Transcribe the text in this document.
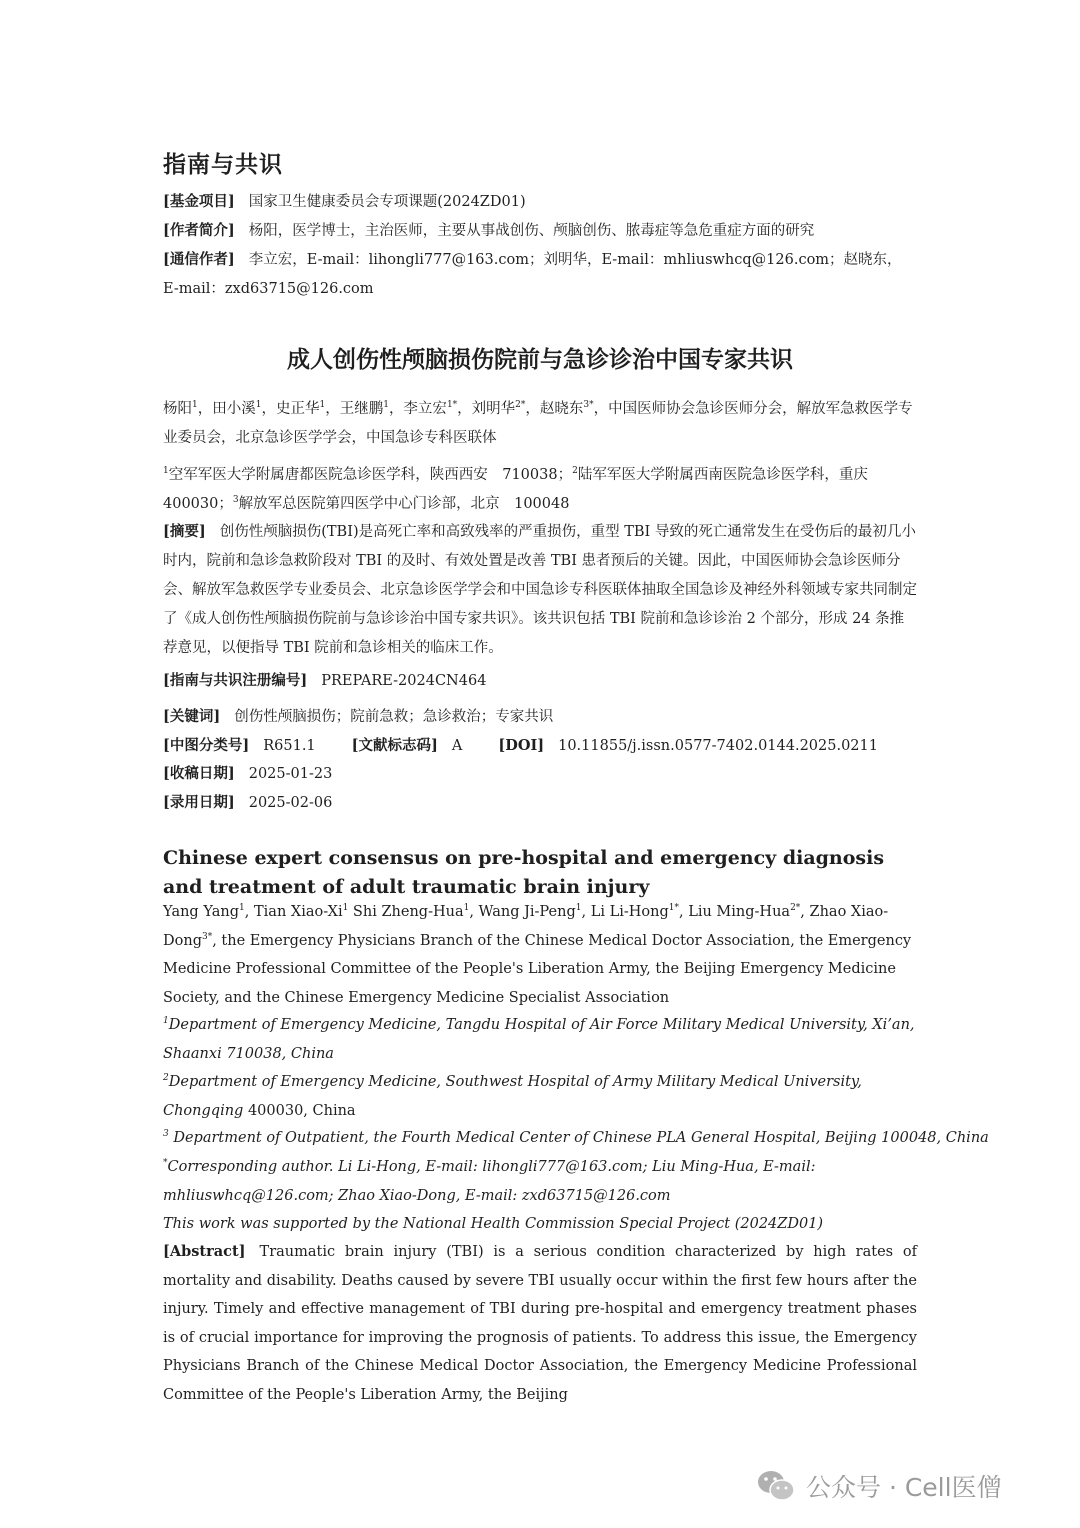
指南与共识
[基金项目] 国家卫生健康委员会专项课题(2024ZD01)
[作者简介] 杨阳，医学博士，主治医师，主要从事战创伤、颅脑创伤、脓毒症等急危重症方面的研究
[通信作者] 李立宏，E-mail：lihongli777@163.com；刘明华，E-mail：mhliuswhcq@126.com；赵晓东，
E-mail：zxd63715@126.com
成人创伤性颅脑损伤院前与急诊诊治中国专家共识
杨阳$^1$，田小溪$^1$，史正华$^1$，王继鹏$^1$，李立宏$^{1*}$，刘明华$^{2*}$，赵晓东$^{3*}$，中国医师协会急诊医师分会，解放军急救医学专业委员会，北京急诊医学学会，中国急诊专科医联体
$^1$空军军医大学附属唐都医院急诊医学科，陕西西安　710038；$^2$陆军军医大学附属西南医院急诊医学科，重庆　400030；$^3$解放军总医院第四医学中心门诊部，北京　100048
[摘要] 创伤性颅脑损伤(TBI)是高死亡率和高致残率的严重损伤，重型 TBI 导致的死亡通常发生在受伤后的最初几小时内，院前和急诊急救阶段对 TBI 的及时、有效处置是改善 TBI 患者预后的关键。因此，中国医师协会急诊医师分会、解放军急救医学专业委员会、北京急诊医学学会和中国急诊专科医联体抽取全国急诊及神经外科领域专家共同制定了《成人创伤性颅脑损伤院前与急诊诊治中国专家共识》。该共识包括 TBI 院前和急诊诊治 2 个部分，形成 24 条推荐意见，以便指导 TBI 院前和急诊相关的临床工作。
[指南与共识注册编号] PREPARE-2024CN464
[关键词] 创伤性颅脑损伤；院前急救；急诊救治；专家共识
[中图分类号] R651.1 [文献标志码] A [DOI] 10.11855/j.issn.0577-7402.0144.2025.0211
[收稿日期] 2025-01-23
[录用日期] 2025-02-06
Chinese expert consensus on pre-hospital and emergency diagnosis and treatment of adult traumatic brain injury
Yang Yang$^1$, Tian Xiao-Xi$^1$ Shi Zheng-Hua$^1$, Wang Ji-Peng$^1$, Li Li-Hong$^{1*}$, Liu Ming-Hua$^{2*}$, Zhao Xiao-Dong$^{3*}$, the Emergency Physicians Branch of the Chinese Medical Doctor Association, the Emergency Medicine Professional Committee of the People's Liberation Army, the Beijing Emergency Medicine Society, and the Chinese Emergency Medicine Specialist Association
$^1$Department of Emergency Medicine, Tangdu Hospital of Air Force Military Medical University, Xi’an, Shaanxi 710038, China
$^2$Department of Emergency Medicine, Southwest Hospital of Army Military Medical University, Chongqing 400030, China
$^3$ Department of Outpatient, the Fourth Medical Center of Chinese PLA General Hospital, Beijing 100048, China
*Corresponding author. Li Li-Hong, E-mail: lihongli777@163.com; Liu Ming-Hua, E-mail: mhliuswhcq@126.com; Zhao Xiao-Dong, E-mail: zxd63715@126.com
This work was supported by the National Health Commission Special Project (2024ZD01)
[Abstract] Traumatic brain injury (TBI) is a serious condition characterized by high rates of mortality and disability. Deaths caused by severe TBI usually occur within the first few hours after the injury. Timely and effective management of TBI during pre-hospital and emergency treatment phases is of crucial importance for improving the prognosis of patients. To address this issue, the Emergency Physicians Branch of the Chinese Medical Doctor Association, the Emergency Medicine Professional Committee of the People's Liberation Army, the Beijing
公众号 · Cell医僧
